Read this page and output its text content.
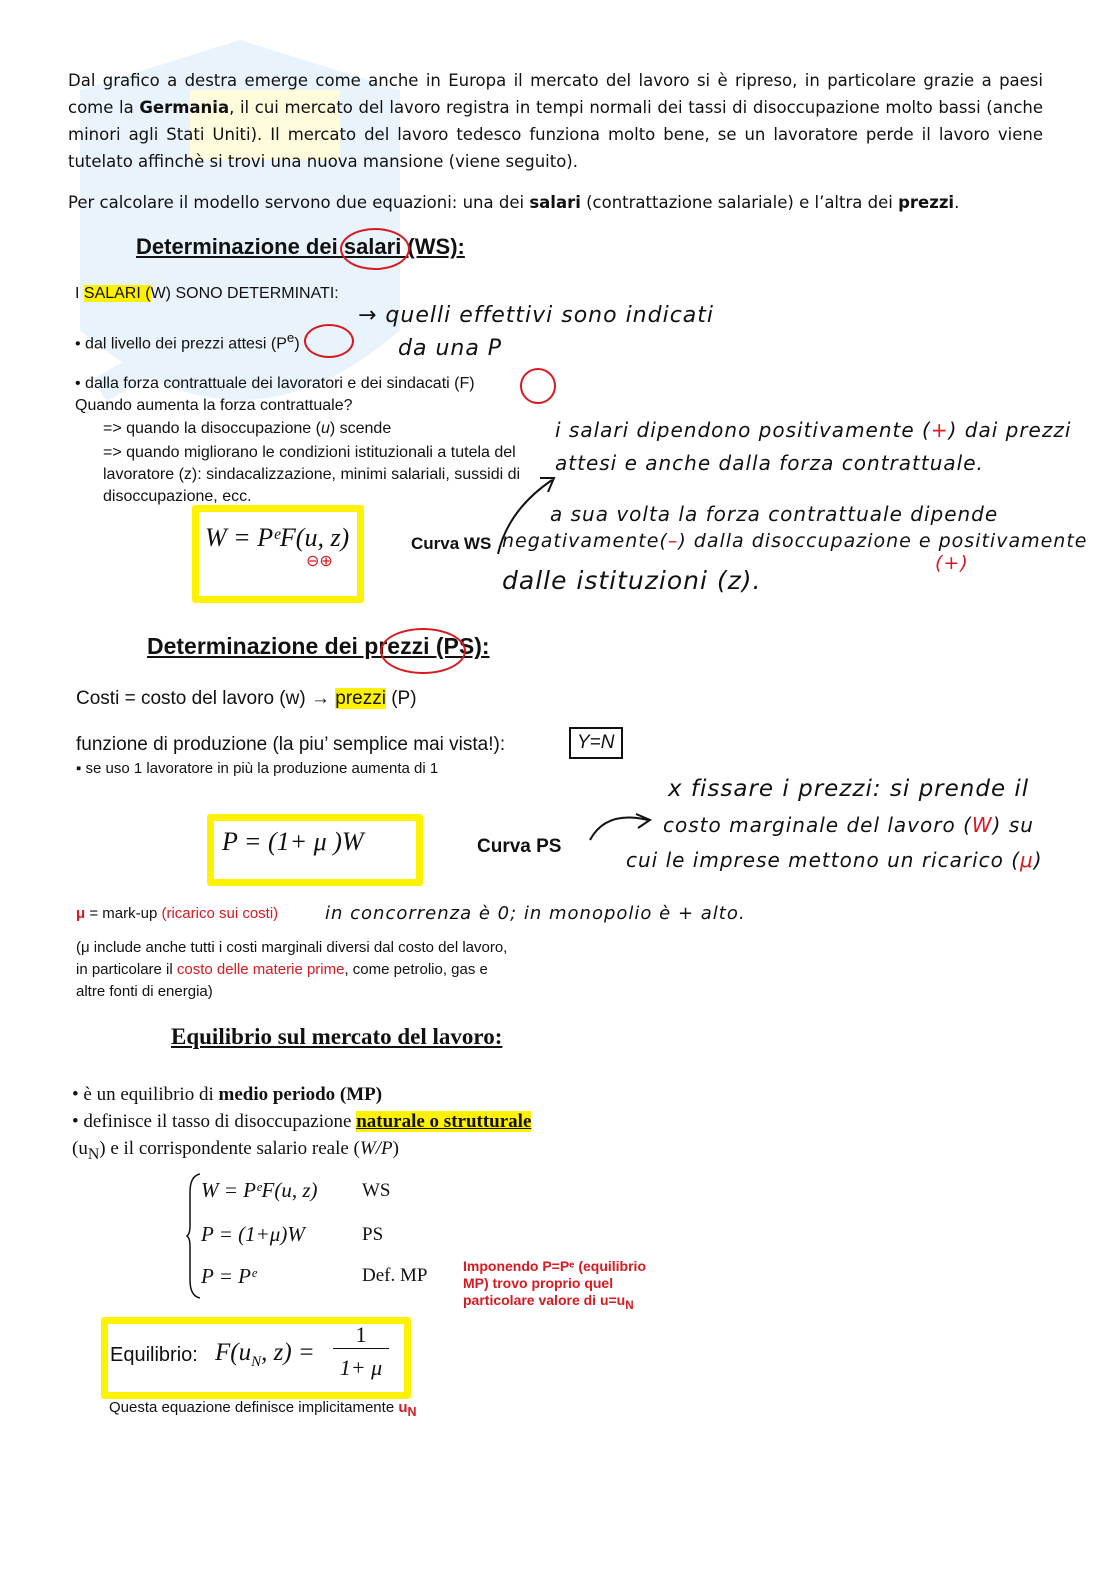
Dal grafico a destra emerge come anche in Europa il mercato del lavoro si è ripreso, in particolare grazie a paesi come la Germania, il cui mercato del lavoro registra in tempi normali dei tassi di disoccupazione molto bassi (anche minori agli Stati Uniti). Il mercato del lavoro tedesco funziona molto bene, se un lavoratore perde il lavoro viene tutelato affinchè si trovi una nuova mansione (viene seguito).
Per calcolare il modello servono due equazioni: una dei salari (contrattazione salariale) e l’altra dei prezzi.
Determinazione dei salari (WS):
I SALARI (W) SONO DETERMINATI:
• dal livello dei prezzi attesi $(P^e)$
• dalla forza contrattuale dei lavoratori e dei sindacati (F)
Quando aumenta la forza contrattuale?
=> quando la disoccupazione (u) scende
=> quando migliorano le condizioni istituzionali a tutela del lavoratore (z): sindacalizzazione, minimi salariali, sussidi di disoccupazione, ecc.
W = PᵉF(u, z)
⊖⊕
Curva WS
→ quelli effettivi sono indicati
da una P
i salari dipendono positivamente (+) dai prezzi
attesi e anche dalla forza contrattuale.
a sua volta la forza contrattuale dipende
negativamente(–) dalla disoccupazione e positivamente
(+)
dalle istituzioni (z).
Determinazione dei prezzi (PS):
Costi = costo del lavoro (w) → prezzi (P)
funzione di produzione (la piu’ semplice mai vista!):	Y=N
▪ se uso 1 lavoratore in più la produzione aumenta di 1
P = (1+ μ )W	Curva PS
x fissare i prezzi: si prende il
costo marginale del lavoro (W) su
cui le imprese mettono un ricarico (μ)
μ = mark-up (ricarico sui costi)	in concorrenza è 0; in monopolio è + alto.
(μ include anche tutti i costi marginali diversi dal costo del lavoro,
in particolare il costo delle materie prime, come petrolio, gas e
altre fonti di energia)
Equilibrio sul mercato del lavoro:
• è un equilibrio di medio periodo (MP)
• definisce il tasso di disoccupazione naturale o strutturale
$(u_N)$ e il corrispondente salario reale (W/P)
W = PᵉF(u, z) WS
P = (1+μ)W	PS
P = Pᵉ	Def. MP	Imponendo P=Pᵉ (equilibrio
MP) trovo proprio quel
particolare valore di $u=u_N$
Equilibrio: $F(u_N$, z) =
1
1+ μ
Questa equazione definisce implicitamente $u_N$
